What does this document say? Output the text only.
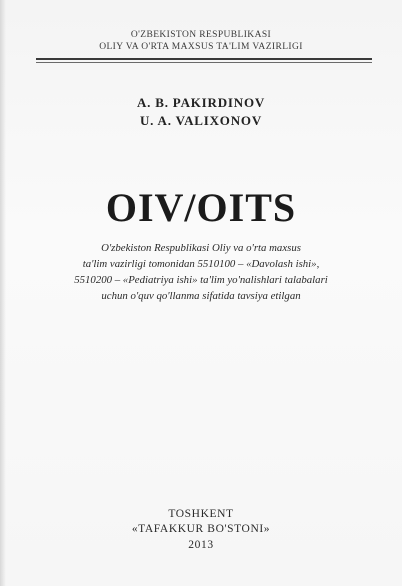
O'ZBEKISTON RESPUBLIKASI
OLIY VA O'RTA MAXSUS TA'LIM VAZIRLIGI
A. B. PAKIRDINOV
U. A. VALIXONOV
OIV/OITS
O'zbekiston Respublikasi Oliy va o'rta maxsus
ta'lim vazirligi tomonidan 5510100 – «Davolash ishi»,
5510200 – «Pediatriya ishi» ta'lim yo'nalishlari talabalari
uchun o'quv qo'llanma sifatida tavsiya etilgan
TOSHKENT
«TAFAKKUR BO'STONI»
2013
